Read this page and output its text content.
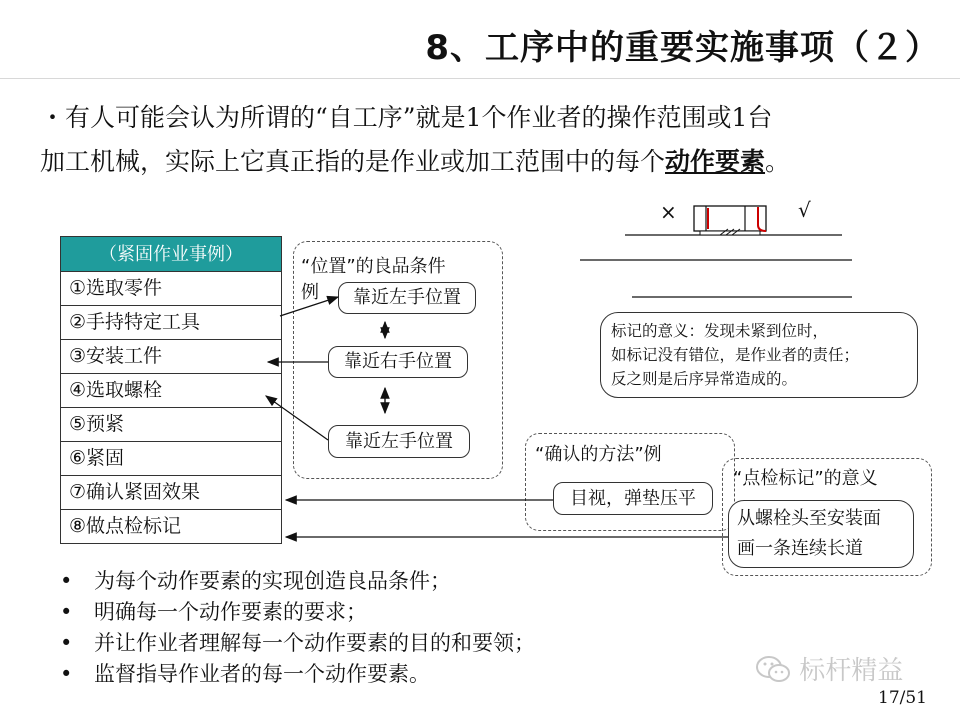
8、工序中的重要实施事项（２）
・有人可能会认为所谓的“自工序”就是1个作业者的操作范围或1台
加工机械，实际上它真正指的是作业或加工范围中的每个动作要素。
（紧固作业事例）
①选取零件
②手持特定工具
③安装工件
④选取螺栓
⑤预紧
⑥紧固
⑦确认紧固效果
⑧做点检标记
“位置”的良品条件
例	靠近左手位置
靠近右手位置
靠近左手位置
“确认的方法”例
目视，弹垫压平
“点检标记”的意义
从螺栓头至安装面
画一条连续长道
标记的意义：发现未紧到位时，
如标记没有错位，是作业者的责任；
反之则是后序异常造成的。
×	√
• 为每个动作要素的实现创造良品条件；
• 明确每一个动作要素的要求；
• 并让作业者理解每一个动作要素的目的和要领；
• 监督指导作业者的每一个动作要素。	标杆精益
17/51
